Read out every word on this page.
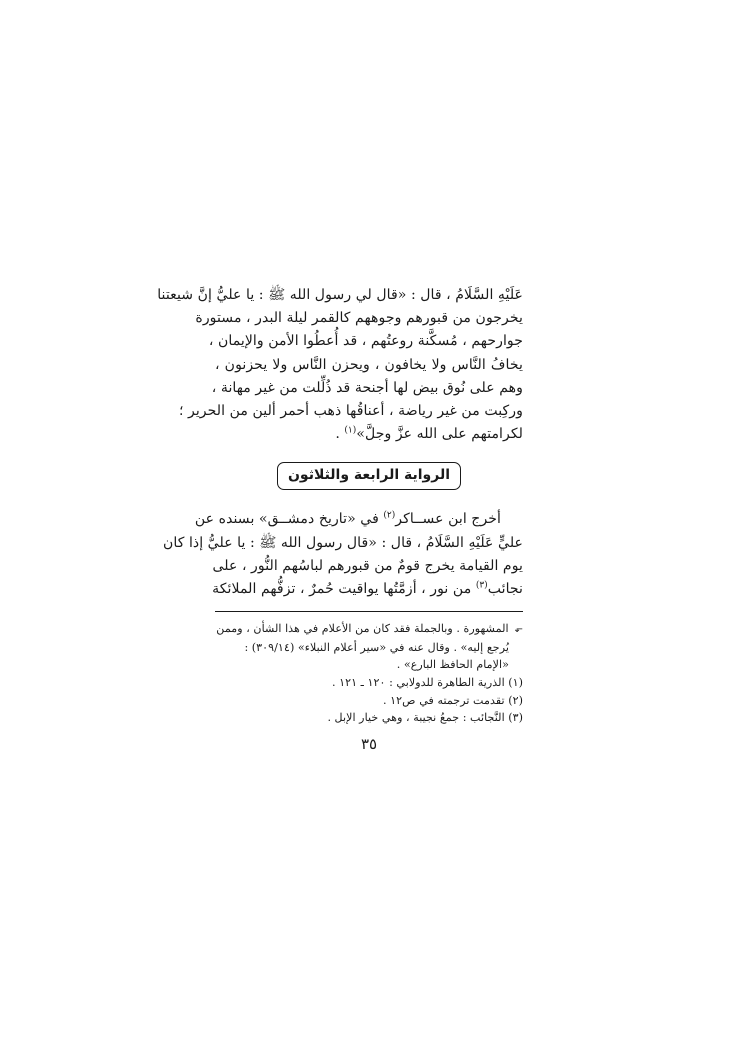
عَلَيْهِ السَّلَامُ ، قال : «قال لي رسول الله ﷺ : يا عليُّ إنَّ شيعتنا
يخرجون من قبورهم وجوههم كالقمر ليلة البدر ، مستورة
جوارحهم ، مُسكَّنة روعتُهم ، قد أُعطُوا الأمن والإيمان ،
يخافُ النَّاس ولا يخافون ، ويحزن النَّاس ولا يحزنون ،
وهم على نُوق بيض لها أجنحة قد ذُلِّلت من غير مهانة ،
وركِبت من غير رياضة ، أعناقُها ذهب أحمر ألين من الحرير ؛
لكرامتهم على الله عزَّ وجلَّ»$^{(١)}$ .
الرواية الرابعة والثلاثون
أخرج ابن عســاكر$^{(٢)}$ في «تاريخ دمشــق» بسنده عن
عليٍّ عَلَيْهِ السَّلَامُ ، قال : «قال رسول الله ﷺ : يا عليُّ إذا كان
يوم القيامة يخرج قومٌ من قبورهم لباسُهم النُّور ، على
نجائب$^{(٣)}$ من نور ، أزمَّتُها يواقيت حُمرٌ ، تزفُّهم الملائكة
⬐المشهورة . وبالجملة فقد كان من الأعلام في هذا الشأن ، وممن
يُرجع إليه» . وقال عنه في «سير أعلام النبلاء» (٣٠٩/١٤) :
«الإمام الحافظ البارع» .
(١) الذرية الطاهرة للدولابي : ١٢٠ ـ ١٢١ .
(٢) تقدمت ترجمته في ص١٢ .
(٣) النَّجائب : جمعُ نجيبة ، وهي خيار الإبل .
٣٥
